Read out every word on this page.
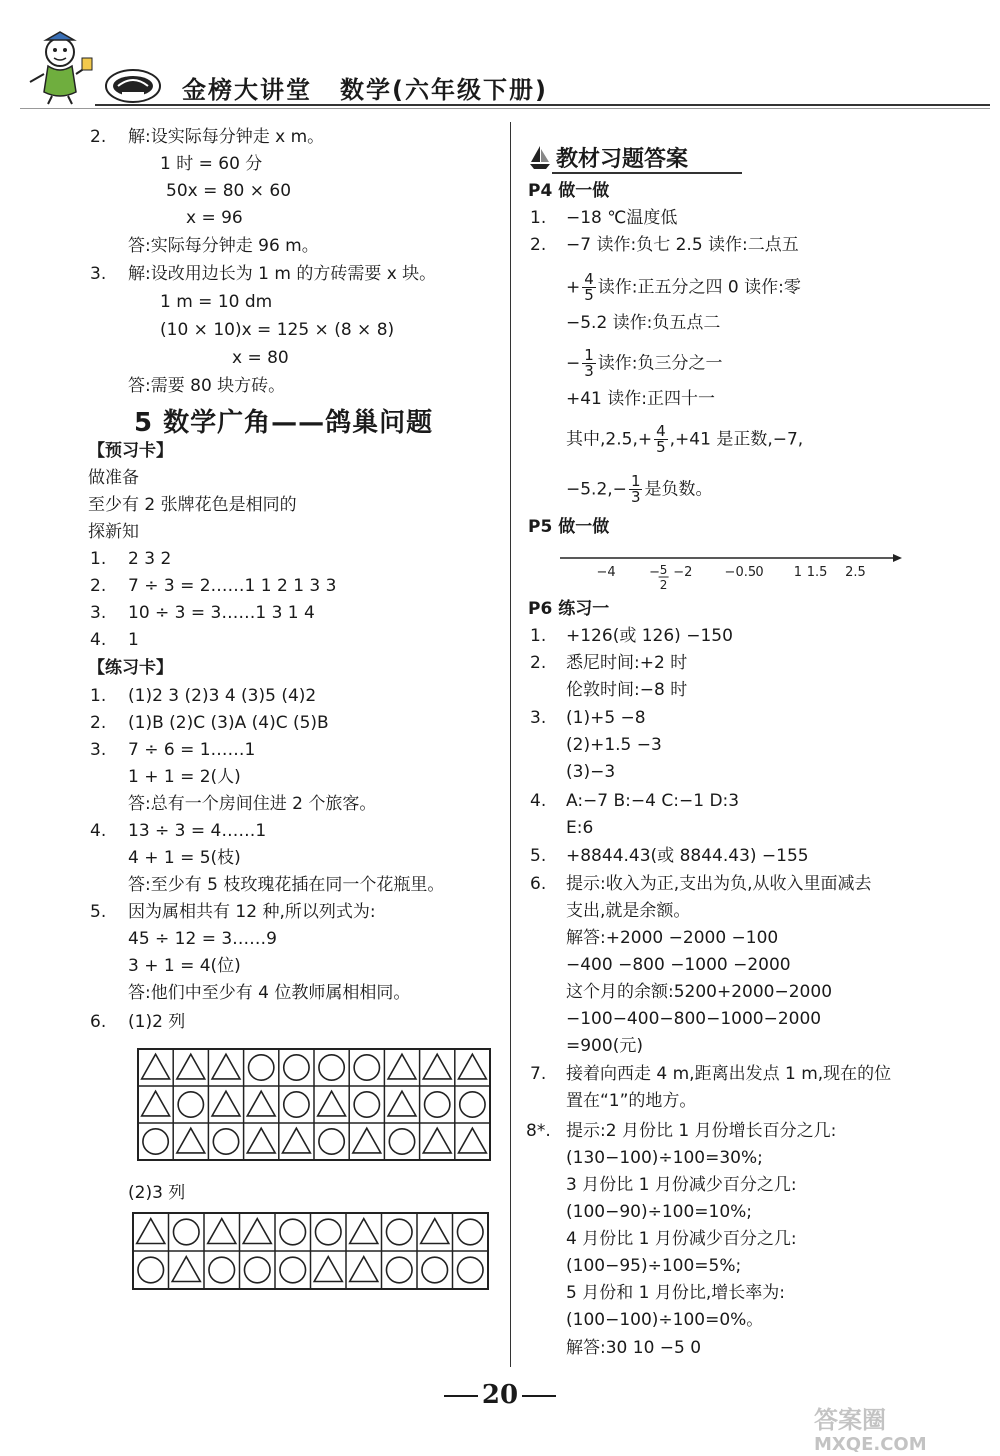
金榜大讲堂 数学(六年级下册)
2. 解:设实际每分钟走 x m。
1 时 = 60 分
50x = 80 × 60
x = 96
答:实际每分钟走 96 m。
3. 解:设改用边长为 1 m 的方砖需要 x 块。
1 m = 10 dm
(10 × 10)x = 125 × (8 × 8)
x = 80
答:需要 80 块方砖。
5 数学广角——鸽巢问题
【预习卡】
做准备
至少有 2 张牌花色是相同的
探新知
1. 2 3 2
2. 7 ÷ 3 = 2……1 1 2 1 3 3
3. 10 ÷ 3 = 3……1 3 1 4
4. 1
【练习卡】
1. (1)2 3 (2)3 4 (3)5 (4)2
2. (1)B (2)C (3)A (4)C (5)B
3. 7 ÷ 6 = 1……1
1 + 1 = 2(人)
答:总有一个房间住进 2 个旅客。
4. 13 ÷ 3 = 4……1
4 + 1 = 5(枝)
答:至少有 5 枝玫瑰花插在同一个花瓶里。
5. 因为属相共有 12 种,所以列式为:
45 ÷ 12 = 3……9
3 + 1 = 4(位)
答:他们中至少有 4 位教师属相相同。
6. (1)2 列
(2)3 列
教材习题答案
P4 做一做
1. −18 ℃温度低
2. −7 读作:负七 2.5 读作:二点五
+ $\frac{4}{5}$ 读作:正五分之四 0 读作:零
−5.2 读作:负五点二
− $\frac{1}{3}$ 读作:负三分之一
+41 读作:正四十一
其中$,2.5,+ \frac{4}{5} ,+41$ 是正数,−7,
$-5.2,- \frac{1}{3}$ 是负数。
P5 做一做
−4	−2 −0.5 0 1 1.5 2.5
− 5
2
P6 练习一
1. +126(或 126) −150
2. 悉尼时间:+2 时
伦敦时间:−8 时
3. (1)+5 −8
(2)+1.5 −3
(3)−3
4. A:−7 B:−4 C:−1 D:3
E:6
5. +8844.43(或 8844.43) −155
6. 提示:收入为正,支出为负,从收入里面减去
支出,就是余额。
解答:+2000 −2000 −100
−400 −800 −1000 −2000
这个月的余额:5200+2000−2000
−100−400−800−1000−2000
=900(元)
7. 接着向西走 4 m,距离出发点 1 m,现在的位
置在“1”的地方。
8*. 提示:2 月份比 1 月份增长百分之几:
(130−100)÷100=30%;
3 月份比 1 月份减少百分之几:
(100−90)÷100=10%;
4 月份比 1 月份减少百分之几:
(100−95)÷100=5%;
5 月份和 1 月份比,增长率为:
(100−100)÷100=0%。
解答:30 10 −5 0
20
答案圈
MXQE.COM
